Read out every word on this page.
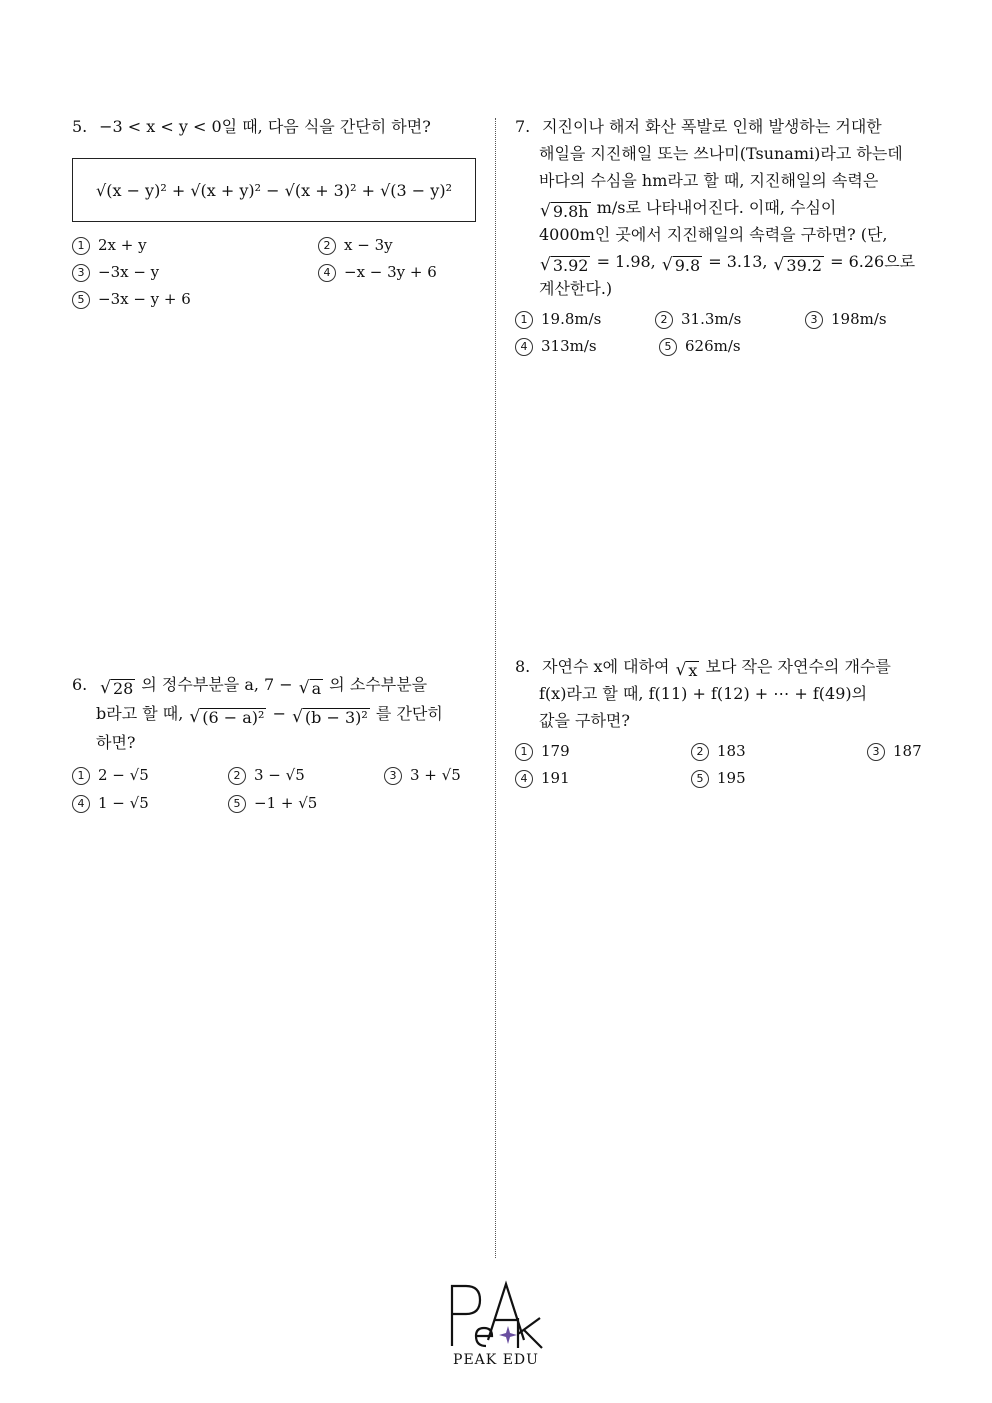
5. −3 < x < y < 0일 때, 다음 식을 간단히 하면?
√(x − y)² + √(x + y)² − √(x + 3)² + √(3 − y)²
1 2x + y	2 x − 3y
3 −3x − y	4 −x − 3y + 6
5 −3x − y + 6
6. √ 28 의 정수부분을 a, 7 − √ a 의 소수부분을
b라고 할 때, √ (6 − a)² − √ (b − 3)² 를 간단히
하면?
1 2 − √5	2 3 − √5	3 3 + √5
4 1 − √5	5 −1 + √5
7. 지진이나 해저 화산 폭발로 인해 발생하는 거대한
해일을 지진해일 또는 쓰나미(Tsunami)라고 하는데
바다의 수심을 hm라고 할 때, 지진해일의 속력은
√ 9.8h m/s로 나타내어진다. 이때, 수심이
4000m인 곳에서 지진해일의 속력을 구하면? (단,
√ 3.92 = 1.98, √ 9.8 = 3.13, √ 39.2 = 6.26으로
계산한다.)
1 19.8m/s	2 31.3m/s	3 198m/s
4 313m/s	5 626m/s
8. 자연수 x에 대하여 √ x 보다 작은 자연수의 개수를
f(x)라고 할 때, f(11) + f(12) + ⋯ + f(49)의
값을 구하면?
1 179	2 183	3 187
4 191	5 195
PEAK EDU
